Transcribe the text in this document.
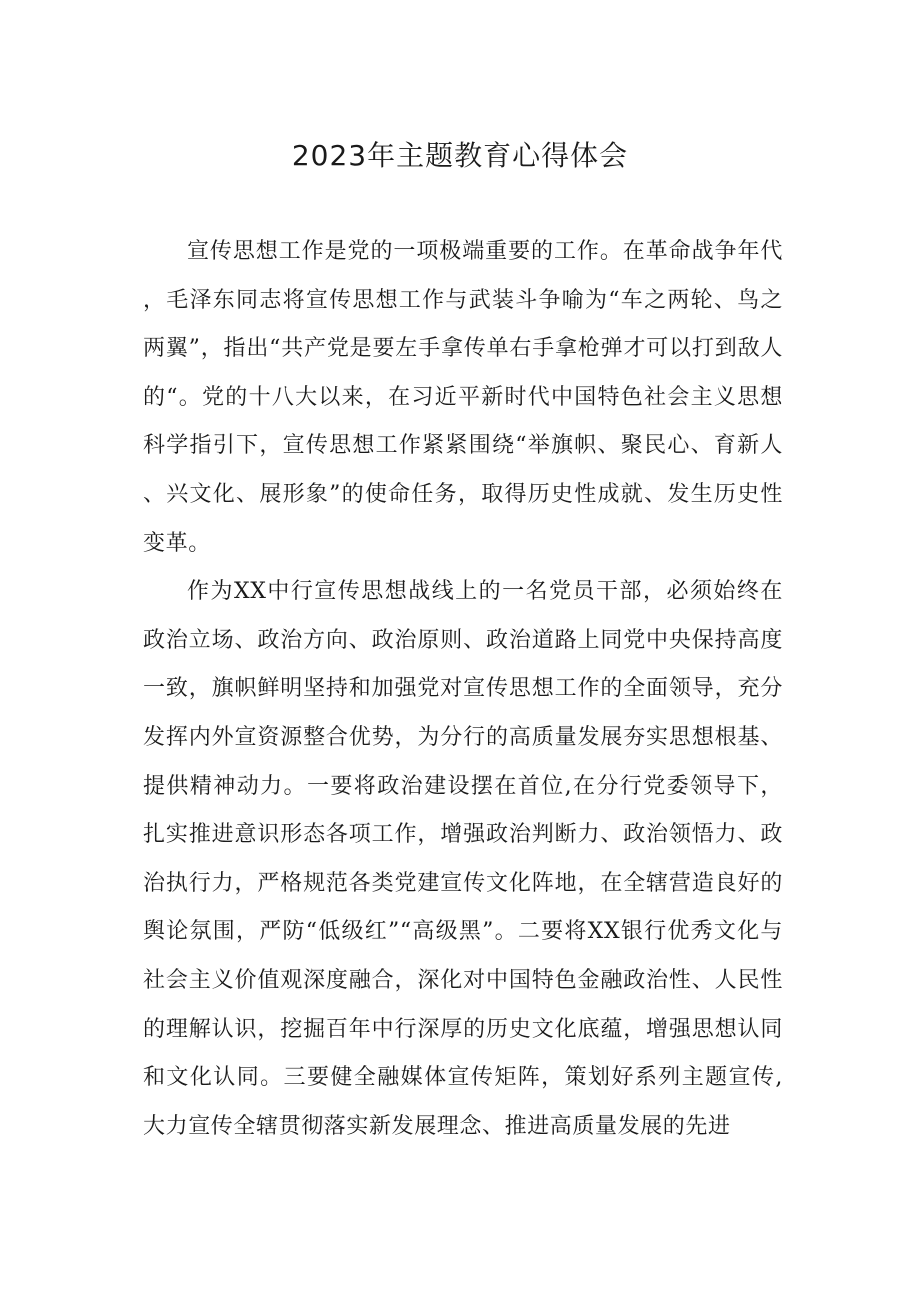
2023年主题教育心得体会

宣传思想工作是党的一项极端重要的工作。在革命战争年代，毛泽东同志将宣传思想工作与武装斗争喻为“车之两轮、鸟之两翼”，指出“共产党是要左手拿传单右手拿枪弹才可以打到敌人的“。党的十八大以来，在习近平新时代中国特色社会主义思想科学指引下，宣传思想工作紧紧围绕“举旗帜、聚民心、育新人、兴文化、展形象”的使命任务，取得历史性成就、发生历史性变革。

作为XX中行宣传思想战线上的一名党员干部，必须始终在政治立场、政治方向、政治原则、政治道路上同党中央保持高度一致，旗帜鲜明坚持和加强党对宣传思想工作的全面领导，充分发挥内外宣资源整合优势，为分行的高质量发展夯实思想根基、提供精神动力。一要将政治建设摆在首位,在分行党委领导下，扎实推进意识形态各项工作，增强政治判断力、政治领悟力、政治执行力，严格规范各类党建宣传文化阵地，在全辖营造良好的舆论氛围，严防“低级红”“高级黑”。二要将XX银行优秀文化与社会主义价值观深度融合，深化对中国特色金融政治性、人民性的理解认识，挖掘百年中行深厚的历史文化底蕴，增强思想认同和文化认同。三要健全融媒体宣传矩阵，策划好系列主题宣传,大力宣传全辖贯彻落实新发展理念、推进高质量发展的先进
